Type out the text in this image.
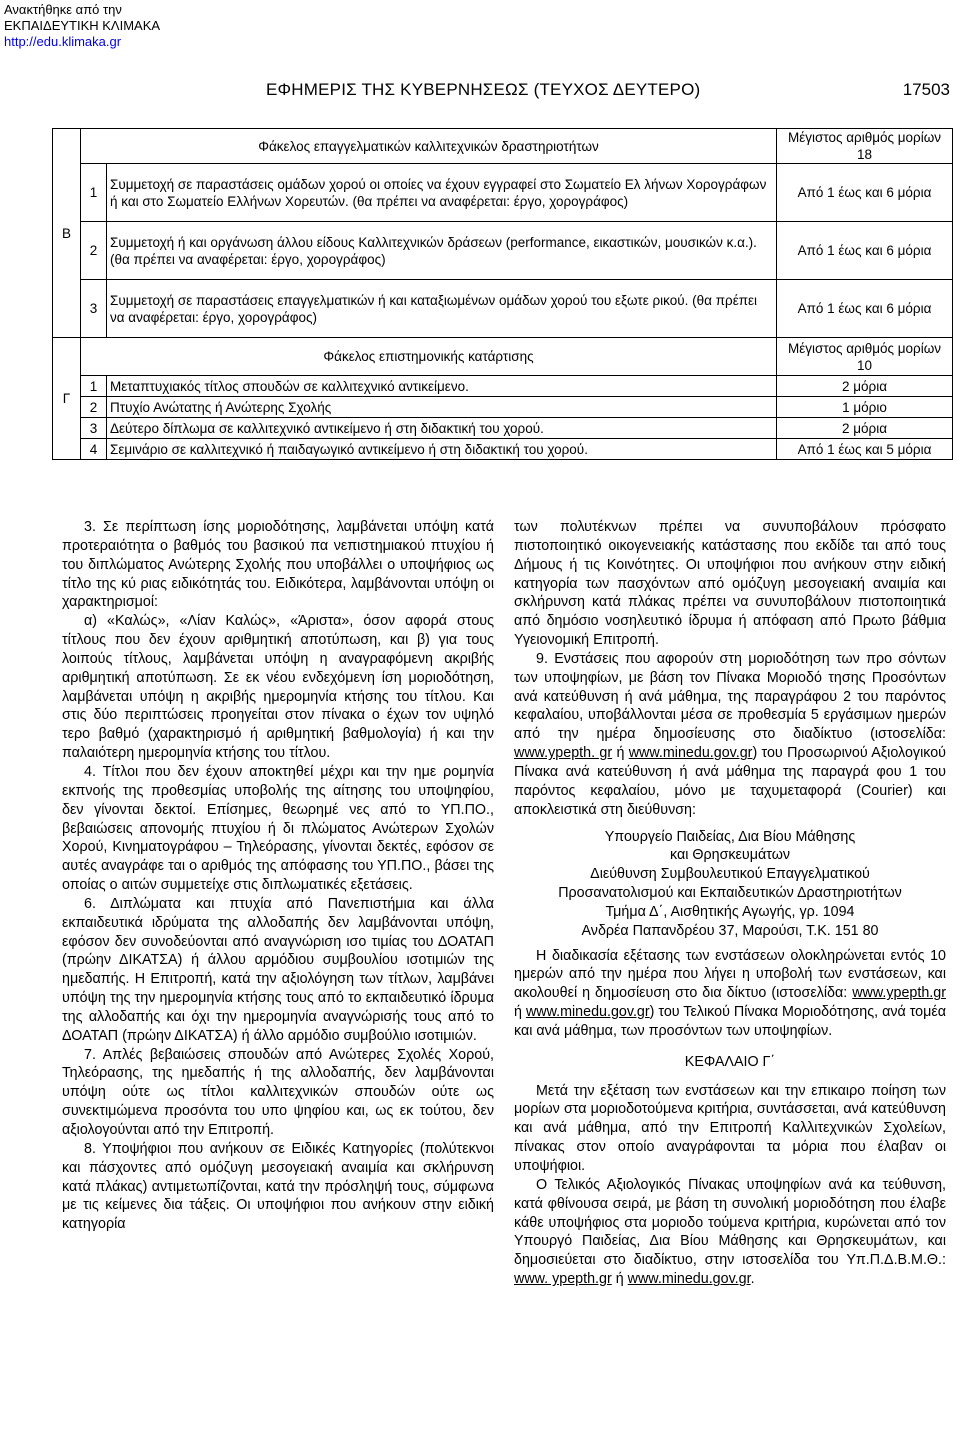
Ανακτήθηκε από την
ΕΚΠΑΙΔΕΥΤΙΚΗ ΚΛΙΜΑΚΑ
http://edu.klimaka.gr
ΕΦΗΜΕΡΙΣ ΤΗΣ ΚΥΒΕΡΝΗΣΕΩΣ (ΤΕΥΧΟΣ ΔΕΥΤΕΡΟ)	17503
Β	Φάκελος επαγγελματικών καλλιτεχνικών δραστηριοτήτων		Μέγιστος αριθμός μορίων 18
	1	Συμμετοχή σε παραστάσεις ομάδων χορού οι οποίες να έχουν εγγραφεί στο Σωματείο Ελ λήνων Χορογράφων ή και στο Σωματείο Ελλήνων Χορευτών. (θα πρέπει να αναφέρεται: έργο, χορογράφος)	Από 1 έως και 6 μόρια
	2	Συμμετοχή ή και οργάνωση άλλου είδους Καλλιτεχνικών δράσεων (performance, εικαστικών, μουσικών κ.α.). (θα πρέπει να αναφέρεται: έργο, χορογράφος)	Από 1 έως και 6 μόρια
	3	Συμμετοχή σε παραστάσεις επαγγελματικών ή και καταξιωμένων ομάδων χορού του εξωτε ρικού. (θα πρέπει να αναφέρεται: έργο, χορογράφος)	Από 1 έως και 6 μόρια
Γ	Φάκελος επιστημονικής κατάρτισης		Μέγιστος αριθμός μορίων 10
	1	Μεταπτυχιακός τίτλος σπουδών σε καλλιτεχνικό αντικείμενο.	2 μόρια
	2	Πτυχίο Ανώτατης ή Ανώτερης Σχολής	1 μόριο
	3	Δεύτερο δίπλωμα σε καλλιτεχνικό αντικείμενο ή στη διδακτική του χορού.	2 μόρια
	4	Σεμινάριο σε καλλιτεχνικό ή παιδαγωγικό αντικείμενο ή στη διδακτική του χορού.	Από 1 έως και 5 μόρια

3. Σε περίπτωση ίσης μοριοδότησης, λαμβάνεται υπόψη κατά προτεραιότητα ο βαθμός του βασικού πα νεπιστημιακού πτυχίου ή του διπλώματος Ανώτερης Σχολής που υποβάλλει ο υποψήφιος ως τίτλο της κύ ριας ειδικότητάς του. Ειδικότερα, λαμβάνονται υπόψη οι χαρακτηρισμοί:

α) «Καλώς», «Λίαν Καλώς», «Άριστα», όσον αφορά στους τίτλους που δεν έχουν αριθμητική αποτύπωση, και β) για τους λοιπούς τίτλους, λαμβάνεται υπόψη η αναγραφόμενη ακριβής αριθμητική αποτύπωση. Σε εκ νέου ενδεχόμενη ίση μοριοδότηση, λαμβάνεται υπόψη η ακριβής ημερομηνία κτήσης του τίτλου. Και στις δύο περιπτώσεις προηγείται στον πίνακα ο έχων τον υψηλό τερο βαθμό (χαρακτηρισμό ή αριθμητική βαθμολογία) ή και την παλαιότερη ημερομηνία κτήσης του τίτλου.

4. Τίτλοι που δεν έχουν αποκτηθεί μέχρι και την ημε ρομηνία εκπνοής της προθεσμίας υποβολής της αίτησης του υποψηφίου, δεν γίνονται δεκτοί. Επίσημες, θεωρημέ νες από το ΥΠ.ΠΟ., βεβαιώσεις απονομής πτυχίου ή δι πλώματος Ανώτερων Σχολών Χορού, Κινηματογράφου – Τηλεόρασης, γίνονται δεκτές, εφόσον σε αυτές αναγράφε ται ο αριθμός της απόφασης του ΥΠ.ΠΟ., βάσει της οποίας ο αιτών συμμετείχε στις διπλωματικές εξετάσεις.

6. Διπλώματα και πτυχία από Πανεπιστήμια και άλλα εκπαιδευτικά ιδρύματα της αλλοδαπής δεν λαμβάνονται υπόψη, εφόσον δεν συνοδεύονται από αναγνώριση ισο τιμίας του ΔΟΑΤΑΠ (πρώην ΔΙΚΑΤΣΑ) ή άλλου αρμόδιου συμβουλίου ισοτιμιών της ημεδαπής. Η Επιτροπή, κατά την αξιολόγηση των τίτλων, λαμβάνει υπόψη της την ημερομηνία κτήσης τους από το εκπαιδευτικό ίδρυμα της αλλοδαπής και όχι την ημερομηνία αναγνώρισής τους από το ΔΟΑΤΑΠ (πρώην ΔΙΚΑΤΣΑ) ή άλλο αρμόδιο συμβούλιο ισοτιμιών.

7. Απλές βεβαιώσεις σπουδών από Ανώτερες Σχολές Χορού, Τηλεόρασης, της ημεδαπής ή της αλλοδαπής, δεν λαμβάνονται υπόψη ούτε ως τίτλοι καλλιτεχνικών σπουδών ούτε ως συνεκτιμώμενα προσόντα του υπο ψηφίου και, ως εκ τούτου, δεν αξιολογούνται από την Επιτροπή.

8. Υποψήφιοι που ανήκουν σε Ειδικές Κατηγορίες (πολύτεκνοι και πάσχοντες από ομόζυγη μεσογειακή αναιμία και σκλήρυνση κατά πλάκας) αντιμετωπίζονται, κατά την πρόσληψή τους, σύμφωνα με τις κείμενες δια τάξεις. Οι υποψήφιοι που ανήκουν στην ειδική κατηγορία

των πολυτέκνων πρέπει να συνυποβάλουν πρόσφατο πιστοποιητικό οικογενειακής κατάστασης που εκδίδε ται από τους Δήμους ή τις Κοινότητες. Οι υποψήφιοι που ανήκουν στην ειδική κατηγορία των πασχόντων από ομόζυγη μεσογειακή αναιμία και σκλήρυνση κατά πλάκας πρέπει να συνυποβάλουν πιστοποιητικά από δημόσιο νοσηλευτικό ίδρυμα ή απόφαση από Πρωτο βάθμια Υγειονομική Επιτροπή.

9. Ενστάσεις που αφορούν στη μοριοδότηση των προ σόντων των υποψηφίων, με βάση τον Πίνακα Μοριοδό τησης Προσόντων ανά κατεύθυνση ή ανά μάθημα, της παραγράφου 2 του παρόντος κεφαλαίου, υποβάλλονται μέσα σε προθεσμία 5 εργάσιμων ημερών από την ημέρα δημοσίευσης στο διαδίκτυο (ιστοσελίδα: www.ypepth. gr ή www.minedu.gov.gr) του Προσωρινού Αξιολογικού Πίνακα ανά κατεύθυνση ή ανά μάθημα της παραγρά φου 1 του παρόντος κεφαλαίου, μόνο με ταχυμεταφορά (Courier) και αποκλειστικά στη διεύθυνση:

Υπουργείο Παιδείας, Δια Βίου Μάθησης

και Θρησκευμάτων

Διεύθυνση Συμβουλευτικού Επαγγελματικού

Προσανατολισμού και Εκπαιδευτικών Δραστηριοτήτων

Τμήμα Δ΄, Αισθητικής Αγωγής, γρ. 1094

Ανδρέα Παπανδρέου 37, Μαρούσι, Τ.Κ. 151 80

Η διαδικασία εξέτασης των ενστάσεων ολοκληρώνεται εντός 10 ημερών από την ημέρα που λήγει η υποβολή των ενστάσεων, και ακολουθεί η δημοσίευση στο δια δίκτυο (ιστοσελίδα: www.ypepth.gr ή www.minedu.gov.gr) του Τελικού Πίνακα Μοριοδότησης, ανά τομέα και ανά μάθημα, των προσόντων των υποψηφίων.

ΚΕΦΑΛΑΙΟ Γ΄

Μετά την εξέταση των ενστάσεων και την επικαιρο ποίηση των μορίων στα μοριοδοτούμενα κριτήρια, συντάσσεται, ανά κατεύθυνση και ανά μάθημα, από την Επιτροπή Καλλιτεχνικών Σχολείων, πίνακας στον οποίο αναγράφονται τα μόρια που έλαβαν οι υποψήφιοι.

Ο Τελικός Αξιολογικός Πίνακας υποψηφίων ανά κα τεύθυνση, κατά φθίνουσα σειρά, με βάση τη συνολική μοριοδότηση που έλαβε κάθε υποψήφιος στα μοριοδο τούμενα κριτήρια, κυρώνεται από τον Υπουργό Παιδείας, Δια Βίου Μάθησης και Θρησκευμάτων, και δημοσιεύεται στο διαδίκτυο, στην ιστοσελίδα του Υπ.Π.Δ.Β.Μ.Θ.: www. ypepth.gr ή www.minedu.gov.gr.
